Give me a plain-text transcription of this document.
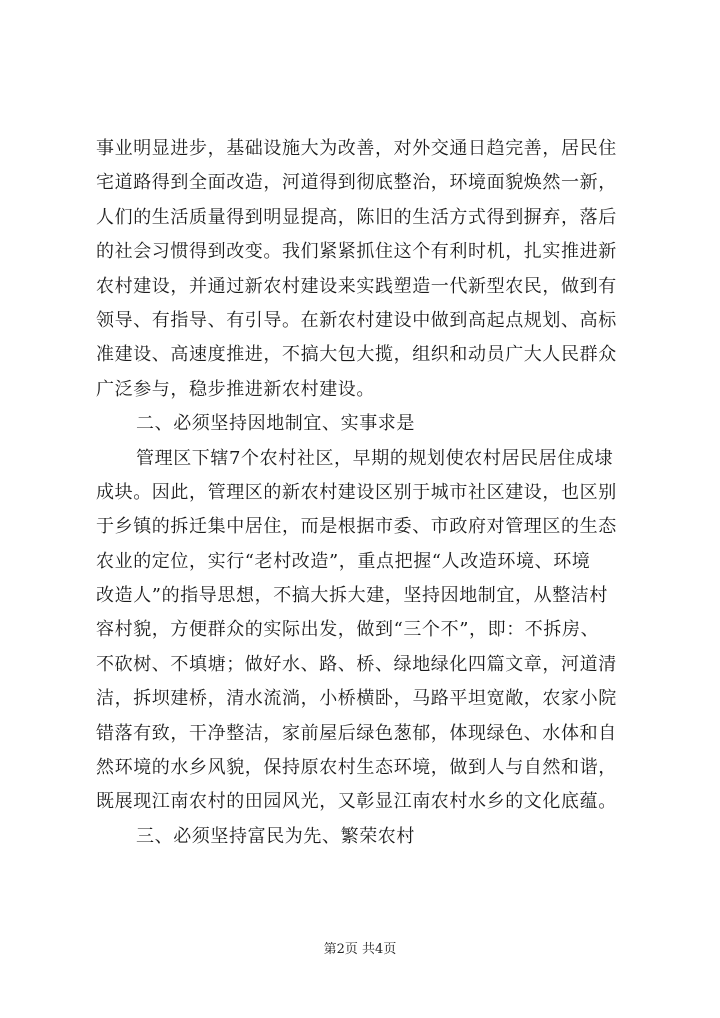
事业明显进步，基础设施大为改善，对外交通日趋完善，居民住
宅道路得到全面改造，河道得到彻底整治，环境面貌焕然一新，
人们的生活质量得到明显提高，陈旧的生活方式得到摒弃，落后
的社会习惯得到改变。我们紧紧抓住这个有利时机，扎实推进新
农村建设，并通过新农村建设来实践塑造一代新型农民，做到有
领导、有指导、有引导。在新农村建设中做到高起点规划、高标
准建设、高速度推进，不搞大包大揽，组织和动员广大人民群众
广泛参与，稳步推进新农村建设。
二、必须坚持因地制宜、实事求是
管理区下辖7个农村社区，早期的规划使农村居民居住成埭
成块。因此，管理区的新农村建设区别于城市社区建设，也区别
于乡镇的拆迁集中居住，而是根据市委、市政府对管理区的生态
农业的定位，实行“老村改造”，重点把握“人改造环境、环境
改造人”的指导思想，不搞大拆大建，坚持因地制宜，从整洁村
容村貌，方便群众的实际出发，做到“三个不”，即：不拆房、
不砍树、不填塘；做好水、路、桥、绿地绿化四篇文章，河道清
洁，拆坝建桥，清水流淌，小桥横卧，马路平坦宽敞，农家小院
错落有致，干净整洁，家前屋后绿色葱郁，体现绿色、水体和自
然环境的水乡风貌，保持原农村生态环境，做到人与自然和谐，
既展现江南农村的田园风光，又彰显江南农村水乡的文化底蕴。
三、必须坚持富民为先、繁荣农村
第2页 共4页
